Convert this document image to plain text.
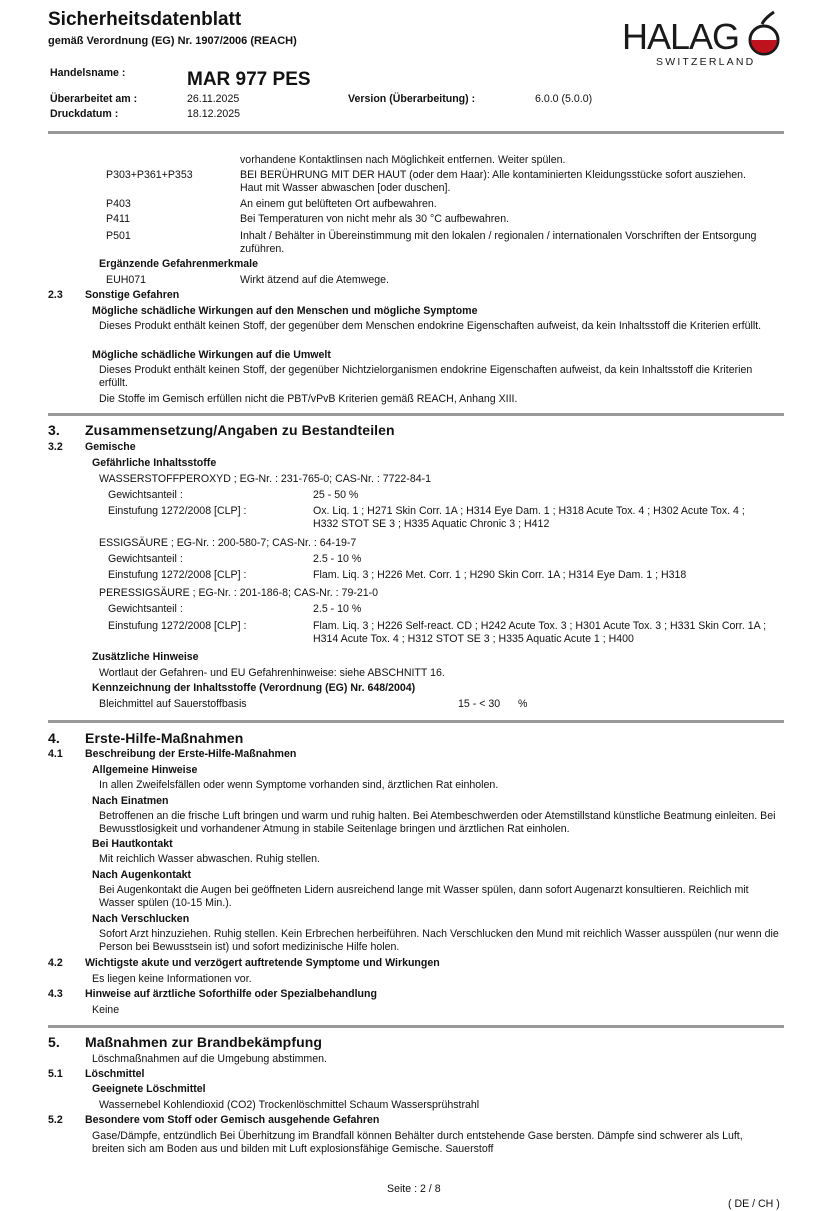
Sicherheitsdatenblatt
gemäß Verordnung (EG) Nr. 1907/2006 (REACH)	HALAG
SWITZERLAND
Handelsname :	MAR 977 PES
Überarbeitet am :	26.11.2025	Version (Überarbeitung) :	6.0.0 (5.0.0)
Druckdatum :	18.12.2025
vorhandene Kontaktlinsen nach Möglichkeit entfernen. Weiter spülen.
P303+P361+P353	BEI BERÜHRUNG MIT DER HAUT (oder dem Haar): Alle kontaminierten Kleidungsstücke sofort ausziehen. Haut mit Wasser abwaschen [oder duschen].
P403	An einem gut belüfteten Ort aufbewahren.
P411	Bei Temperaturen von nicht mehr als 30 °C aufbewahren.
P501	Inhalt / Behälter in Übereinstimmung mit den lokalen / regionalen / internationalen Vorschriften der Entsorgung zuführen.
Ergänzende Gefahrenmerkmale
EUH071	Wirkt ätzend auf die Atemwege.
2.3 Sonstige Gefahren
Mögliche schädliche Wirkungen auf den Menschen und mögliche Symptome
Dieses Produkt enthält keinen Stoff, der gegenüber dem Menschen endokrine Eigenschaften aufweist, da kein Inhaltsstoff die Kriterien erfüllt.
Mögliche schädliche Wirkungen auf die Umwelt
Dieses Produkt enthält keinen Stoff, der gegenüber Nichtzielorganismen endokrine Eigenschaften aufweist, da kein Inhaltsstoff die Kriterien erfüllt.
Die Stoffe im Gemisch erfüllen nicht die PBT/vPvB Kriterien gemäß REACH, Anhang XIII.
3. Zusammensetzung/Angaben zu Bestandteilen
3.2 Gemische
Gefährliche Inhaltsstoffe
WASSERSTOFFPEROXYD ; EG-Nr. : 231-765-0; CAS-Nr. : 7722-84-1
Gewichtsanteil :	25 - 50 %
Einstufung 1272/2008 [CLP] :	Ox. Liq. 1 ; H271 Skin Corr. 1A ; H314 Eye Dam. 1 ; H318 Acute Tox. 4 ; H302 Acute Tox. 4 ; H332 STOT SE 3 ; H335 Aquatic Chronic 3 ; H412
ESSIGSÄURE ; EG-Nr. : 200-580-7; CAS-Nr. : 64-19-7
Gewichtsanteil :	2.5 - 10 %
Einstufung 1272/2008 [CLP] :	Flam. Liq. 3 ; H226 Met. Corr. 1 ; H290 Skin Corr. 1A ; H314 Eye Dam. 1 ; H318
PERESSIGSÄURE ; EG-Nr. : 201-186-8; CAS-Nr. : 79-21-0
Gewichtsanteil :	2.5 - 10 %
Einstufung 1272/2008 [CLP] :	Flam. Liq. 3 ; H226 Self-react. CD ; H242 Acute Tox. 3 ; H301 Acute Tox. 3 ; H331 Skin Corr. 1A ; H314 Acute Tox. 4 ; H312 STOT SE 3 ; H335 Aquatic Acute 1 ; H400
Zusätzliche Hinweise
Wortlaut der Gefahren- und EU Gefahrenhinweise: siehe ABSCHNITT 16.
Kennzeichnung der Inhaltsstoffe (Verordnung (EG) Nr. 648/2004)
Bleichmittel auf Sauerstoffbasis	15 - < 30 %
4. Erste-Hilfe-Maßnahmen
4.1 Beschreibung der Erste-Hilfe-Maßnahmen
Allgemeine Hinweise
In allen Zweifelsfällen oder wenn Symptome vorhanden sind, ärztlichen Rat einholen.
Nach Einatmen
Betroffenen an die frische Luft bringen und warm und ruhig halten. Bei Atembeschwerden oder Atemstillstand künstliche Beatmung einleiten. Bei Bewusstlosigkeit und vorhandener Atmung in stabile Seitenlage bringen und ärztlichen Rat einholen.
Bei Hautkontakt
Mit reichlich Wasser abwaschen. Ruhig stellen.
Nach Augenkontakt
Bei Augenkontakt die Augen bei geöffneten Lidern ausreichend lange mit Wasser spülen, dann sofort Augenarzt konsultieren. Reichlich mit Wasser spülen (10-15 Min.).
Nach Verschlucken
Sofort Arzt hinzuziehen. Ruhig stellen. Kein Erbrechen herbeiführen. Nach Verschlucken den Mund mit reichlich Wasser ausspülen (nur wenn die Person bei Bewusstsein ist) und sofort medizinische Hilfe holen.
4.2 Wichtigste akute und verzögert auftretende Symptome und Wirkungen
Es liegen keine Informationen vor.
4.3 Hinweise auf ärztliche Soforthilfe oder Spezialbehandlung
Keine
5. Maßnahmen zur Brandbekämpfung
Löschmaßnahmen auf die Umgebung abstimmen.
5.1 Löschmittel
Geeignete Löschmittel
Wassernebel Kohlendioxid (CO2) Trockenlöschmittel Schaum Wassersprühstrahl
5.2 Besondere vom Stoff oder Gemisch ausgehende Gefahren
Gase/Dämpfe, entzündlich Bei Überhitzung im Brandfall können Behälter durch entstehende Gase bersten. Dämpfe sind schwerer als Luft, breiten sich am Boden aus und bilden mit Luft explosionsfähige Gemische. Sauerstoff
Seite : 2 / 8
( DE / CH )
